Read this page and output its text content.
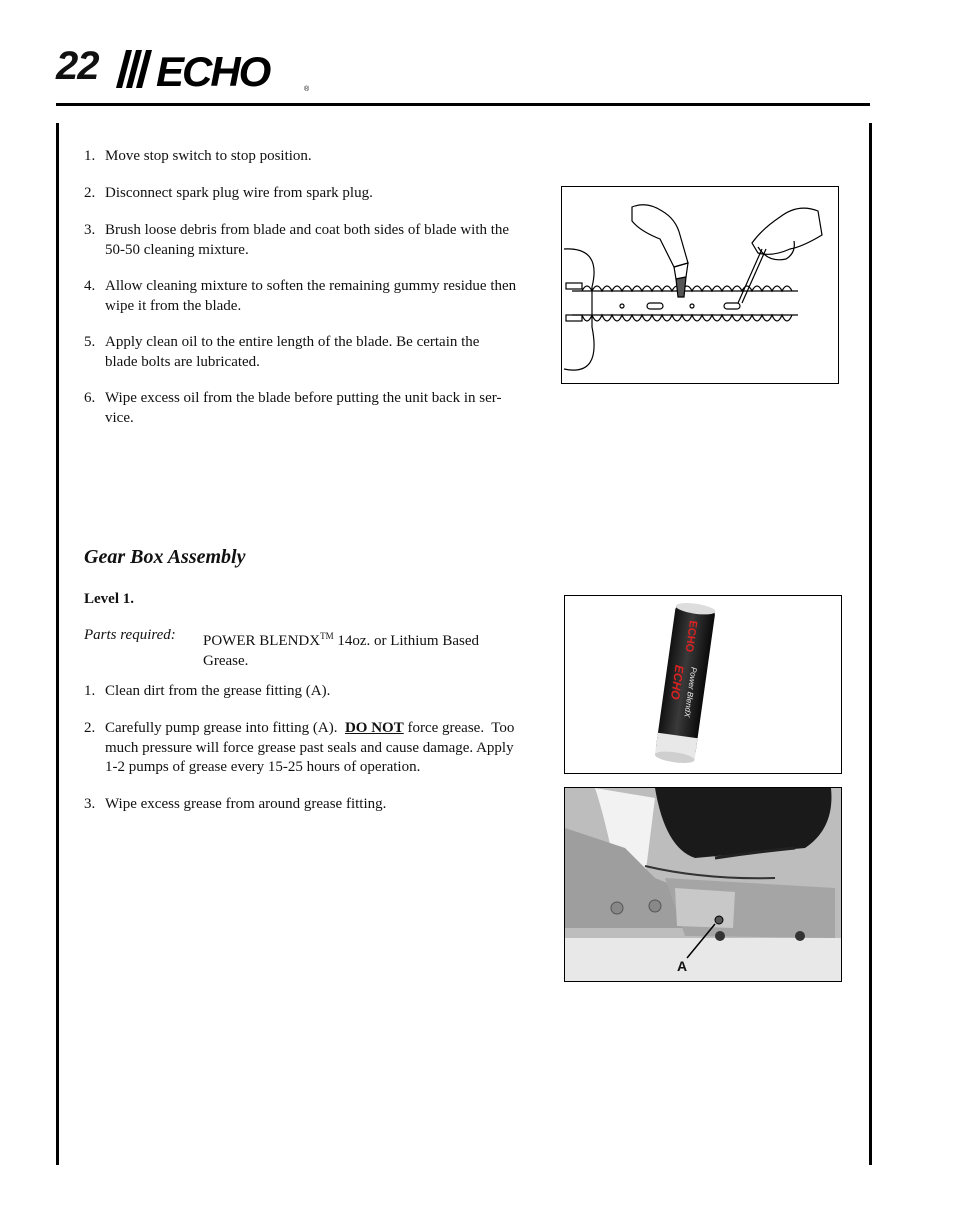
22 ECHO	®
1. Move stop switch to stop position.
2. Disconnect spark plug wire from spark plug.
3. Brush loose debris from blade and coat both sides of blade with the
50-50 cleaning mixture.
4. Allow cleaning mixture to soften the remaining gummy residue then
wipe it from the blade.
5. Apply clean oil to the entire length of the blade. Be certain the
blade bolts are lubricated.
6. Wipe excess oil from the blade before putting the unit back in ser-
vice.
Gear Box Assembly
Level 1.
Parts required: POWER BLENDX™ 14oz. or Lithium Based
Grease.
1. Clean dirt from the grease fitting (A).
2. Carefully pump grease into fitting (A).  DO NOT force grease.  Too
much pressure will force grease past seals and cause damage. Apply
1-2 pumps of grease every 15-25 hours of operation.
3. Wipe excess grease from around grease fitting.
ECHO
ECHO
Power BlendX
A
